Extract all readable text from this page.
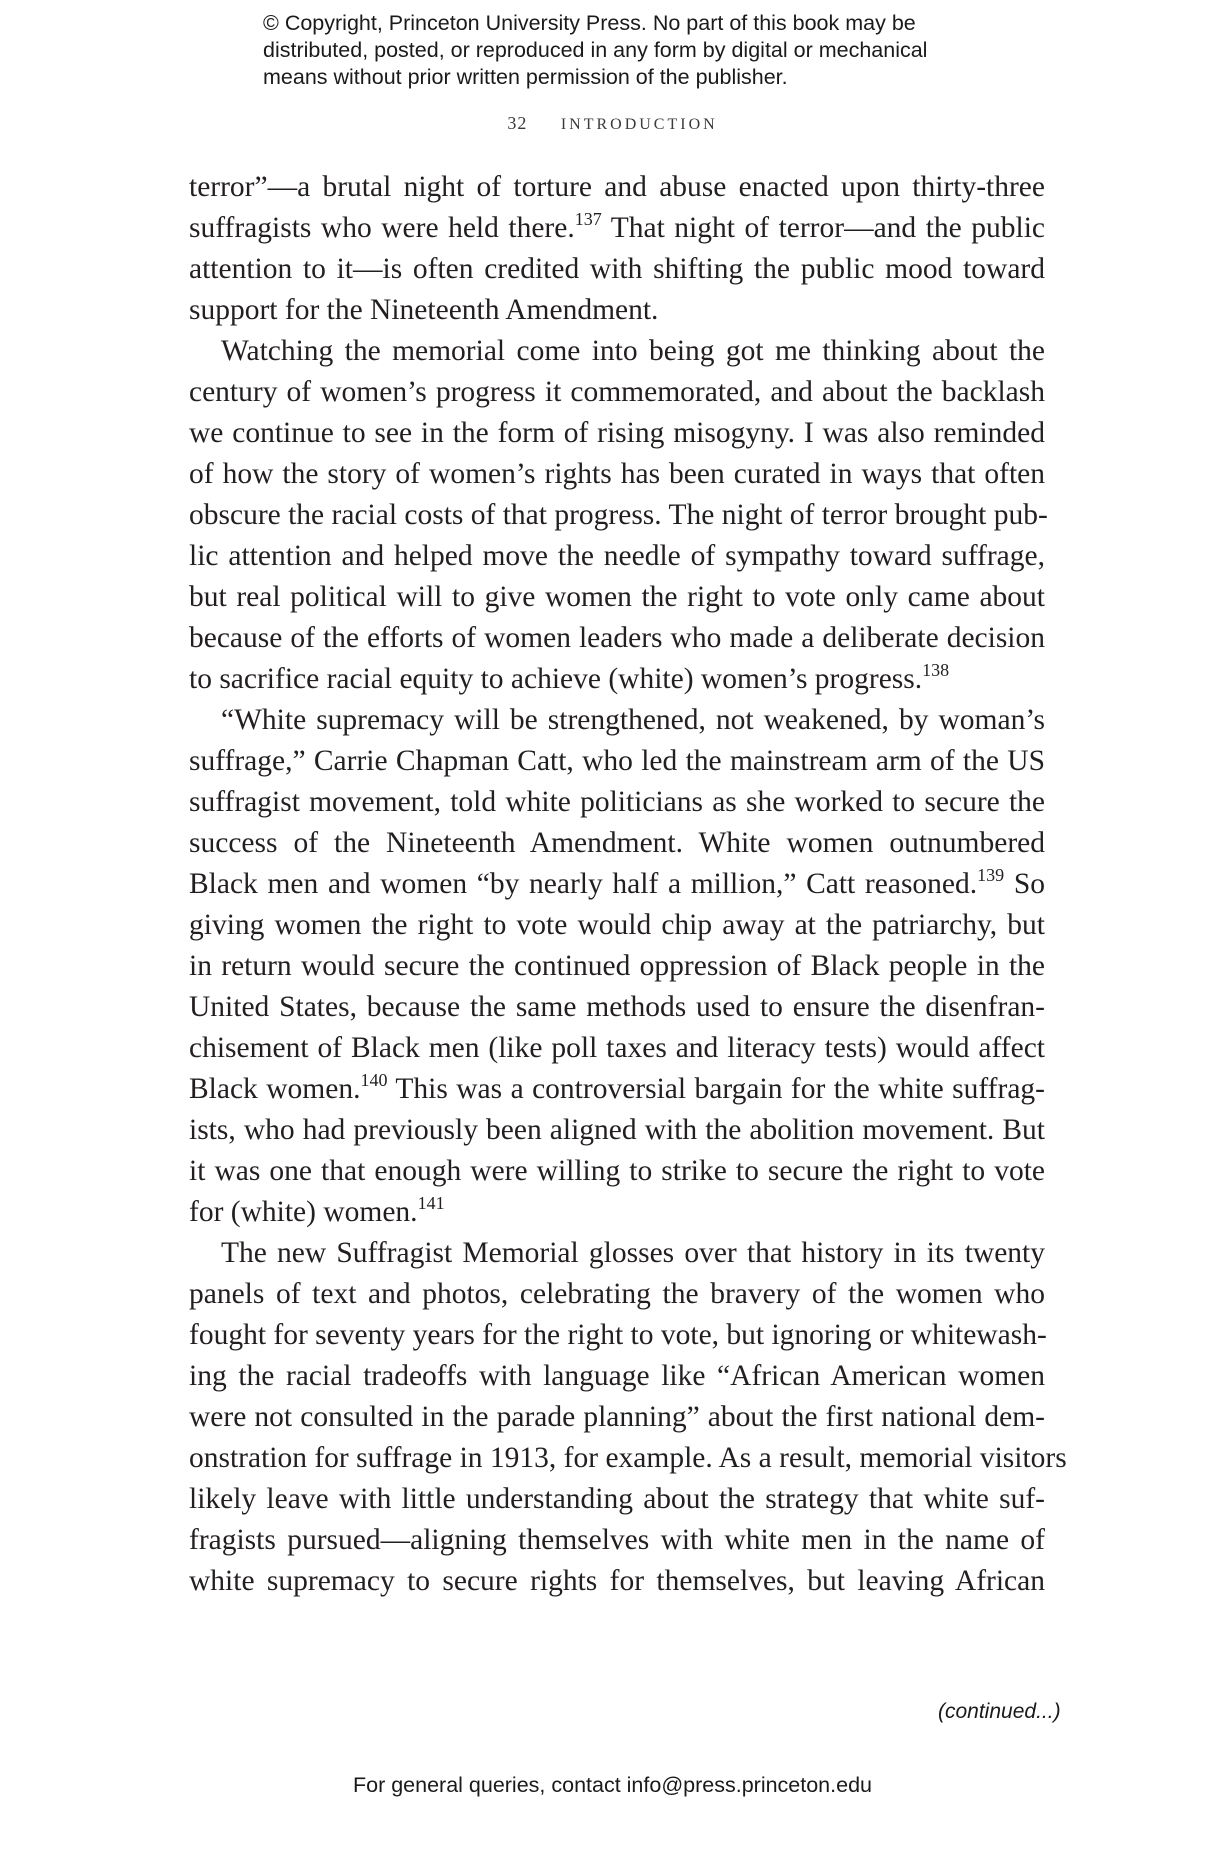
© Copyright, Princeton University Press. No part of this book may be
distributed, posted, or reproduced in any form by digital or mechanical
means without prior written permission of the publisher.
32 INTRODUCTION
terror”—a brutal night of torture and abuse enacted upon thirty-three
suffragists who were held there.$^{137}$ That night of terror—and the public
attention to it—is often credited with shifting the public mood toward
support for the Nineteenth Amendment.
Watching the memorial come into being got me thinking about the
century of women’s progress it commemorated, and about the backlash
we continue to see in the form of rising misogyny. I was also reminded
of how the story of women’s rights has been curated in ways that often
obscure the racial costs of that progress. The night of terror brought pub-
lic attention and helped move the needle of sympathy toward suffrage,
but real political will to give women the right to vote only came about
because of the efforts of women leaders who made a deliberate decision
to sacrifice racial equity to achieve (white) women’s progress.$^{138}$
“White supremacy will be strengthened, not weakened, by woman’s
suffrage,” Carrie Chapman Catt, who led the mainstream arm of the US
suffragist movement, told white politicians as she worked to secure the
success of the Nineteenth Amendment. White women outnumbered
Black men and women “by nearly half a million,” Catt reasoned.$^{139}$ So
giving women the right to vote would chip away at the patriarchy, but
in return would secure the continued oppression of Black people in the
United States, because the same methods used to ensure the disenfran-
chisement of Black men (like poll taxes and literacy tests) would affect
Black women.$^{140}$ This was a controversial bargain for the white suffrag-
ists, who had previously been aligned with the abolition movement. But
it was one that enough were willing to strike to secure the right to vote
for (white) women.$^{141}$
The new Suffragist Memorial glosses over that history in its twenty
panels of text and photos, celebrating the bravery of the women who
fought for seventy years for the right to vote, but ignoring or whitewash-
ing the racial tradeoffs with language like “African American women
were not consulted in the parade planning” about the first national dem-
onstration for suffrage in 1913, for example. As a result, memorial visitors
likely leave with little understanding about the strategy that white suf-
fragists pursued—aligning themselves with white men in the name of
white supremacy to secure rights for themselves, but leaving African
(continued...)
For general queries, contact info@press.princeton.edu
